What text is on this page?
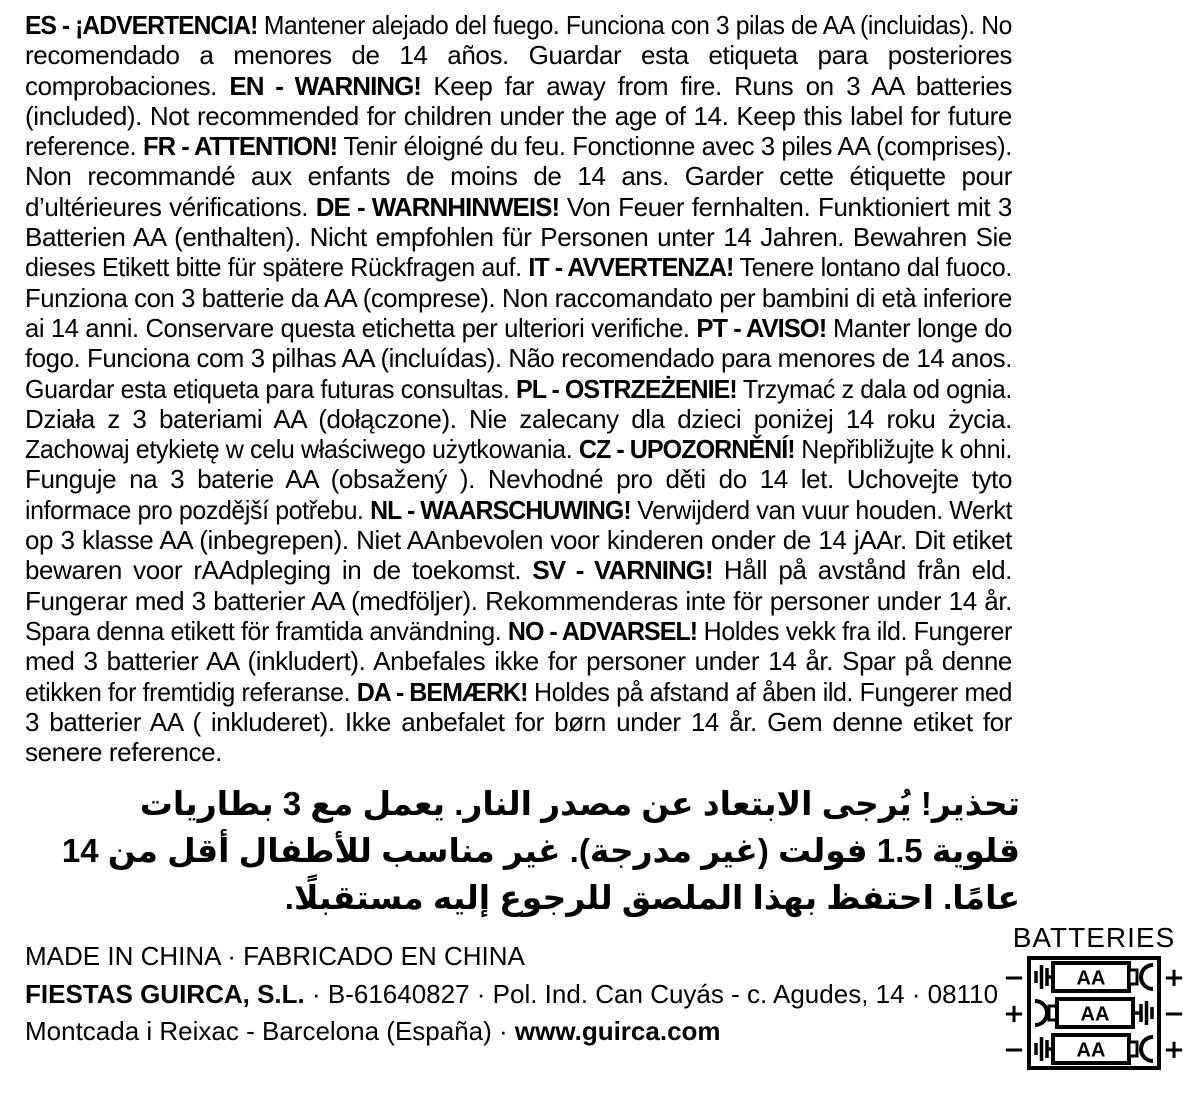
ES - ¡ADVERTENCIA! Mantener alejado del fuego. Funciona con 3 pilas de AA (incluidas). No
recomendado a menores de 14 años. Guardar esta etiqueta para posteriores
comprobaciones. EN - WARNING! Keep far away from fire. Runs on 3 AA batteries
(included). Not recommended for children under the age of 14. Keep this label for future
reference. FR - ATTENTION! Tenir éloigné du feu. Fonctionne avec 3 piles AA (comprises).
Non recommandé aux enfants de moins de 14 ans. Garder cette étiquette pour
d’ultérieures vérifications. DE - WARNHINWEIS! Von Feuer fernhalten. Funktioniert mit 3
Batterien AA (enthalten). Nicht empfohlen für Personen unter 14 Jahren. Bewahren Sie
dieses Etikett bitte für spätere Rückfragen auf. IT - AVVERTENZA! Tenere lontano dal fuoco.
Funziona con 3 batterie da AA (comprese). Non raccomandato per bambini di età inferiore
ai 14 anni. Conservare questa etichetta per ulteriori verifiche. PT - AVISO! Manter longe do
fogo. Funciona com 3 pilhas AA (incluídas). Não recomendado para menores de 14 anos.
Guardar esta etiqueta para futuras consultas. PL - OSTRZEŻENIE! Trzymać z dala od ognia.
Działa z 3 bateriami AA (dołączone). Nie zalecany dla dzieci poniżej 14 roku życia.
Zachowaj etykietę w celu właściwego użytkowania. CZ - UPOZORNĚNÍ! Nepřibližujte k ohni.
Funguje na 3 baterie AA (obsažený ). Nevhodné pro děti do 14 let. Uchovejte tyto
informace pro pozdější potřebu. NL - WAARSCHUWING! Verwijderd van vuur houden. Werkt
op 3 klasse AA (inbegrepen). Niet AAnbevolen voor kinderen onder de 14 jAAr. Dit etiket
bewaren voor rAAdpleging in de toekomst. SV - VARNING! Håll på avstånd från eld.
Fungerar med 3 batterier AA (medföljer). Rekommenderas inte för personer under 14 år.
Spara denna etikett för framtida användning. NO - ADVARSEL! Holdes vekk fra ild. Fungerer
med 3 batterier AA (inkludert). Anbefales ikke for personer under 14 år. Spar på denne
etikken for fremtidig referanse. DA - BEMÆRK! Holdes på afstand af åben ild. Fungerer med
3 batterier AA ( inkluderet). Ikke anbefalet for børn under 14 år. Gem denne etiket for
senere reference.
تحذير! يُرجى الابتعاد عن مصدر النار. يعمل مع 3 بطاريات
قلوية 1.5 فولت (غير مدرجة). غير مناسب للأطفال أقل من 14
عامًا. احتفظ بهذا الملصق للرجوع إليه مستقبلًا.
MADE IN CHINA · FABRICADO EN CHINA
FIESTAS GUIRCA, S.L. · B-61640827 · Pol. Ind. Can Cuyás - c. Agudes, 14 · 08110
Montcada i Reixac - Barcelona (España) · www.guirca.com
BATTERIES
AA
−	+
AA
+	−
AA
−	+
